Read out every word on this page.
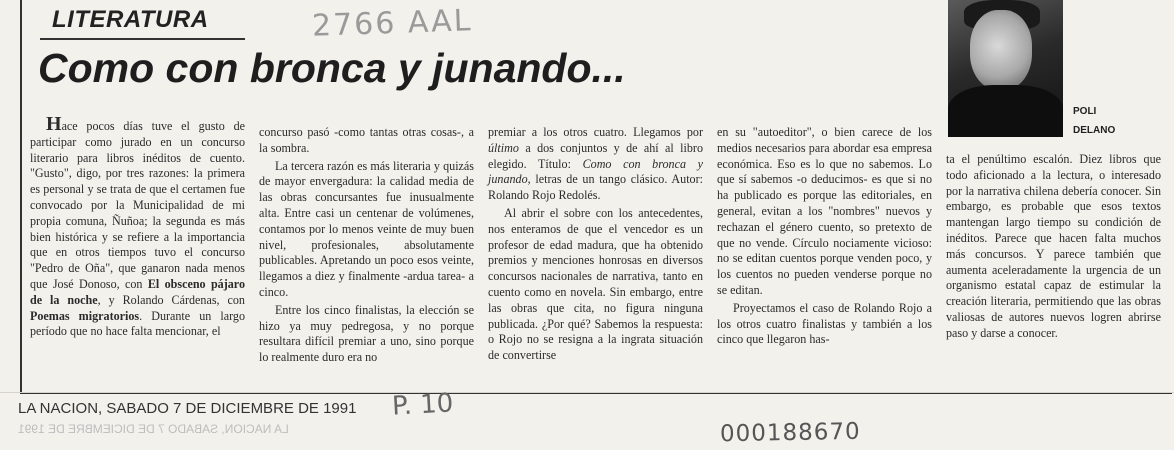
LITERATURA	2766 AAL
Como con bronca y junando...
POLI
DELANO

Hace pocos días tuve el gusto de participar como jurado en un concurso literario para libros inéditos de cuento. "Gusto", digo, por tres razones: la primera es personal y se trata de que el certamen fue convocado por la Municipalidad de mi propia comuna, Ñuñoa; la segunda es más bien histórica y se refiere a la importancia que en otros tiempos tuvo el concurso "Pedro de Oña", que ganaron nada menos que José Donoso, con El obsceno pájaro de la noche, y Rolando Cárdenas, con Poemas migratorios. Durante un largo período que no hace falta mencionar, el

concurso pasó -como tantas otras cosas-, a la sombra.

La tercera razón es más literaria y quizás de mayor envergadura: la calidad media de las obras concursantes fue inusualmente alta. Entre casi un centenar de volúmenes, contamos por lo menos veinte de muy buen nivel, profesionales, absolutamente publicables. Apretando un poco esos veinte, llegamos a diez y finalmente -ardua tarea- a cinco.

Entre los cinco finalistas, la elección se hizo ya muy pedregosa, y no porque resultara difícil premiar a uno, sino porque lo realmente duro era no

premiar a los otros cuatro. Llegamos por último a dos conjuntos y de ahí al libro elegido. Título: Como con bronca y junando, letras de un tango clásico. Autor: Rolando Rojo Redolés.

Al abrir el sobre con los antecedentes, nos enteramos de que el vencedor es un profesor de edad madura, que ha obtenido premios y menciones honrosas en diversos concursos nacionales de narrativa, tanto en cuento como en novela. Sin embargo, entre las obras que cita, no figura ninguna publicada. ¿Por qué? Sabemos la respuesta: o Rojo no se resigna a la ingrata situación de convertirse

en su "autoeditor", o bien carece de los medios necesarios para abordar esa empresa económica. Eso es lo que no sabemos. Lo que sí sabemos -o deducimos- es que si no ha publicado es porque las editoriales, en general, evitan a los "nombres" nuevos y rechazan el género cuento, so pretexto de que no vende. Círculo nociamente vicioso: no se editan cuentos porque venden poco, y los cuentos no pueden venderse porque no se editan.

Proyectamos el caso de Rolando Rojo a los otros cuatro finalistas y también a los cinco que llegaron has-

ta el penúltimo escalón. Diez libros que todo aficionado a la lectura, o interesado por la narrativa chilena debería conocer. Sin embargo, es probable que esos textos mantengan largo tiempo su condición de inéditos. Parece que hacen falta muchos más concursos. Y parece también que aumenta aceleradamente la urgencia de un organismo estatal capaz de estimular la creación literaria, permitiendo que las obras valiosas de autores nuevos logren abrirse paso y darse a conocer.

LA NACION, SABADO 7 DE DICIEMBRE DE 1991 P. 10
LA NACION, SABADO 7 DE DICIEMBRE DE 1991	000188670
